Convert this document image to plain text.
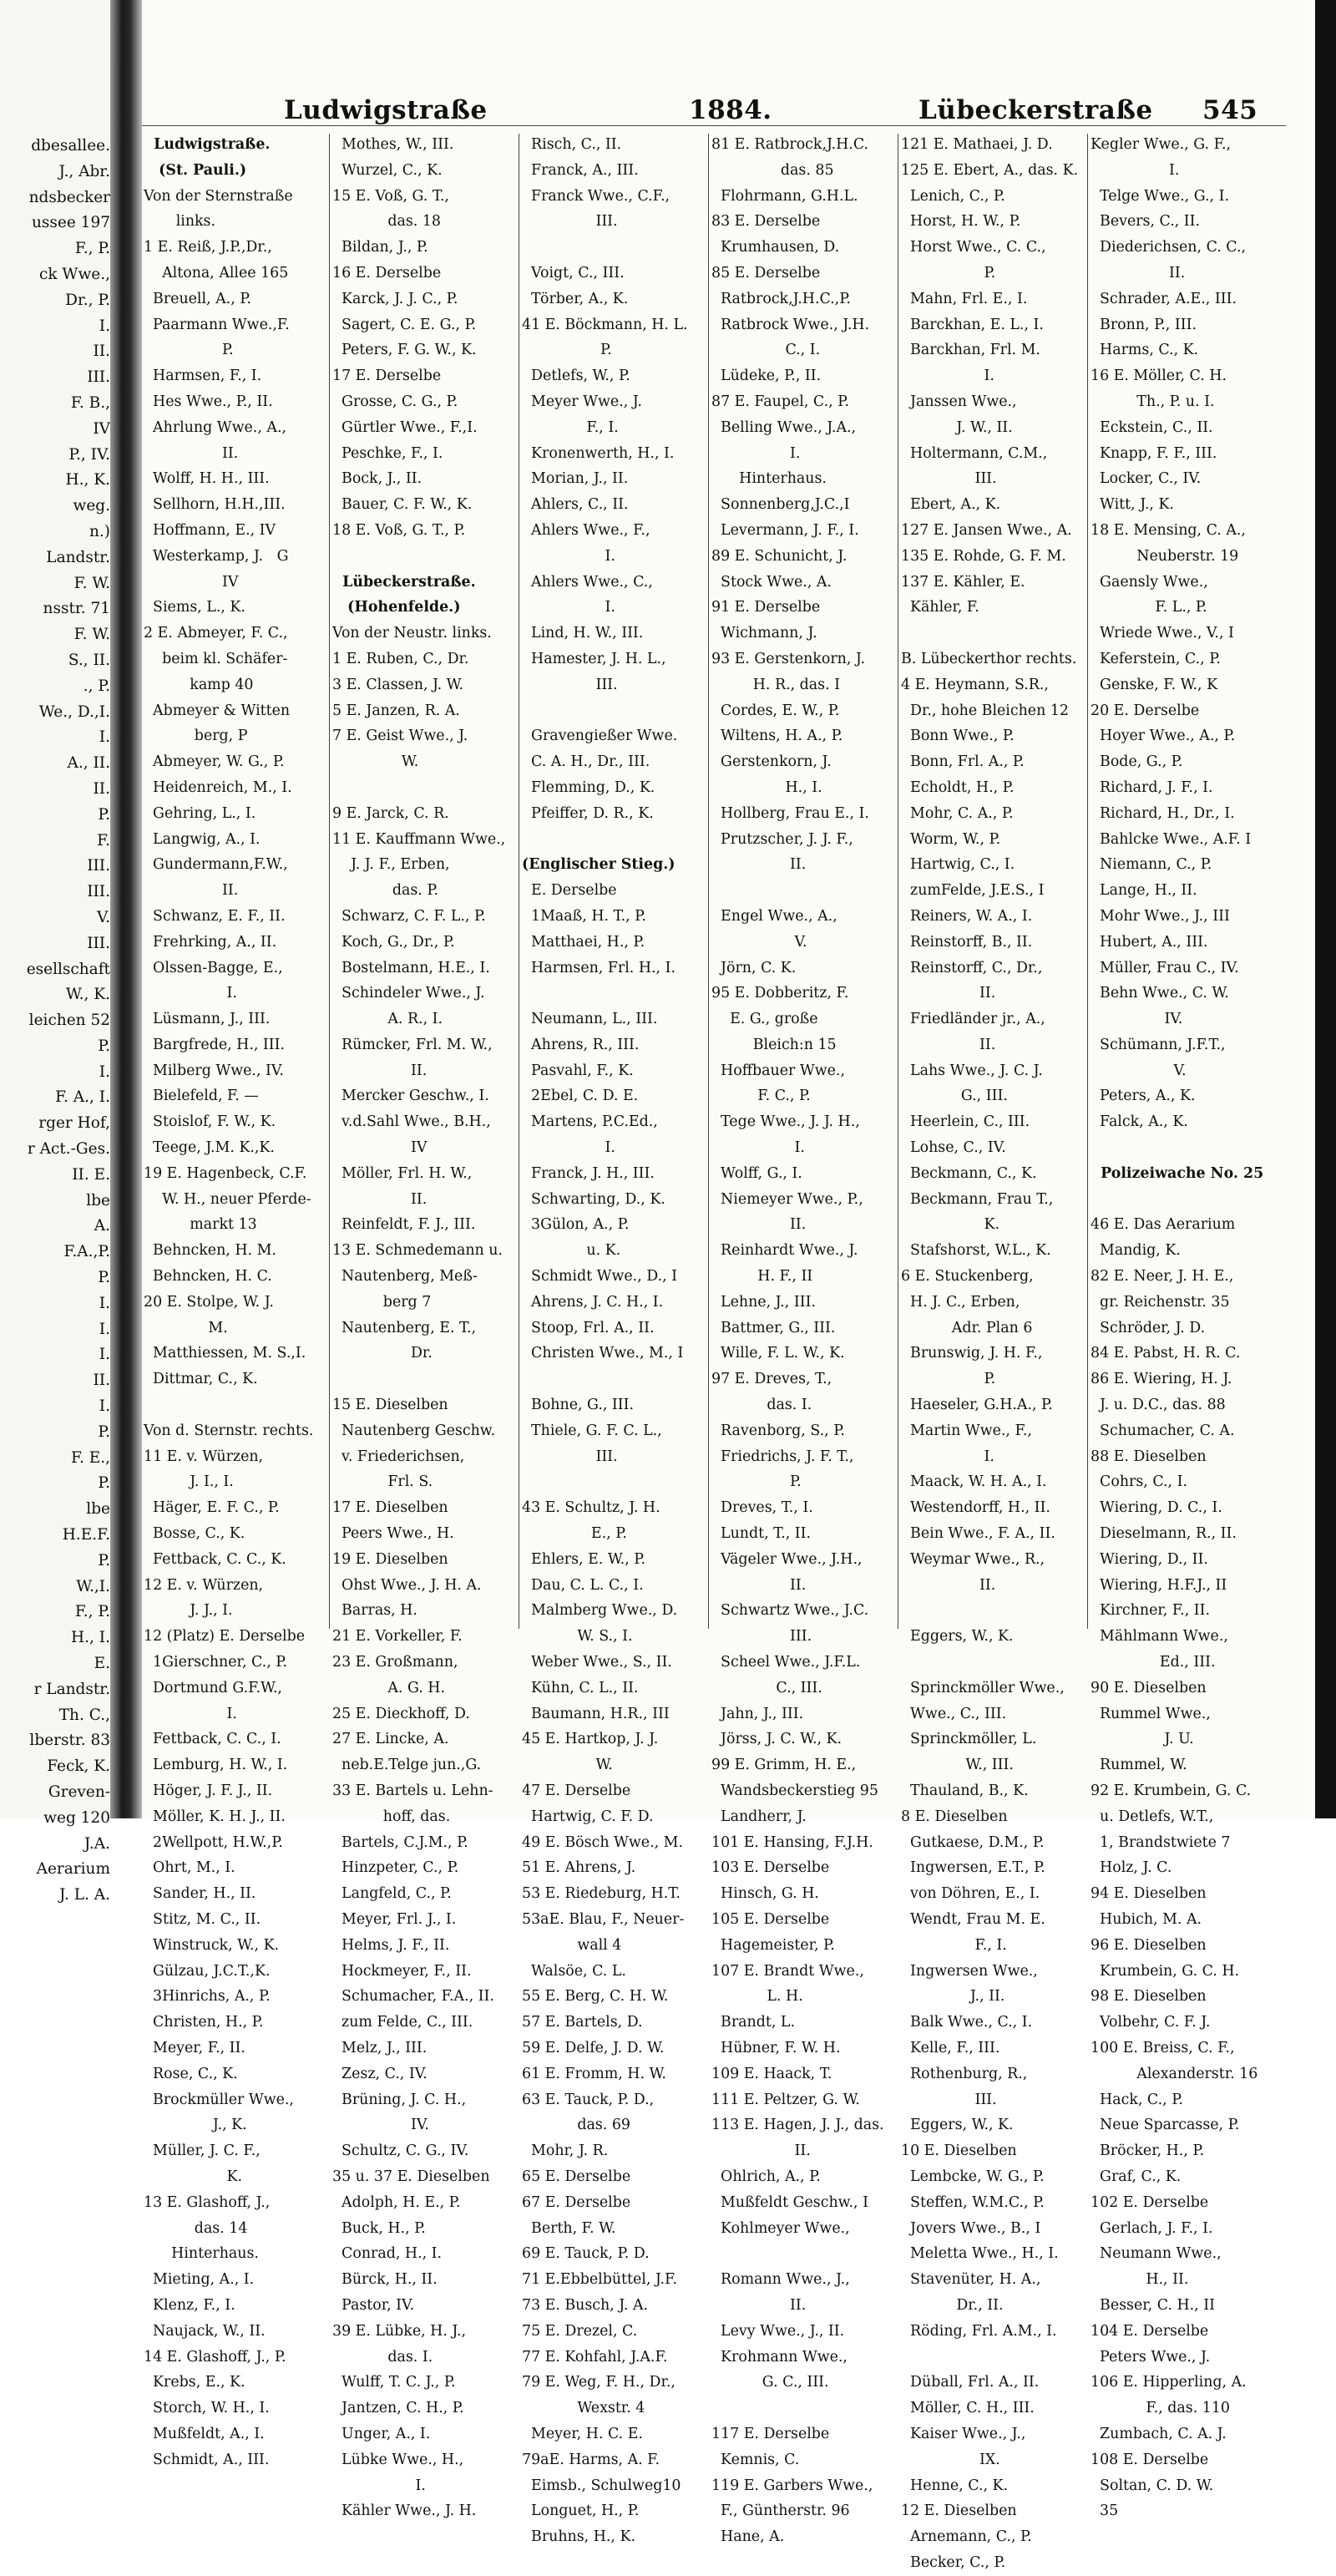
dbesallee.
J., Abr.
ndsbecker
ussee 197
F., P.
ck Wwe.,
Dr., P.
I.
II.
III.
F. B.,
IV
P., IV.
H., K.
weg.
n.)
Landstr.
F. W.
nsstr. 71
F. W.
S., II.
., P.
We., D.,I.
I.
A., II.
II.
P.
F.
III.
III.
V.
III.
esellschaft
W., K.
leichen 52
P.
I.
F. A., I.
rger Hof,
r Act.-Ges.
II. E.
lbe
A.
F.A.,P.
P.
I.
I.
I.
II.
I.
P.
F. E.,
P.
lbe
H.E.F.
P.
W.,I.
F., P.
H., I.
E.
r Landstr.
Th. C.,
lberstr. 83
Feck, K.
Greven-
weg 120
J.A.
Aerarium
J. L. A.
Ludwigstraße	1884.	Lübeckerstraße 545
Ludwigstraße.
(St. Pauli.)
Von der Sternstraße
links.
1 E. Reiß, J.P.,Dr.,
Altona, Allee 165
Breuell, A., P.
Paarmann Wwe.,F.
P.
Harmsen, F., I.
Hes Wwe., P., II.
Ahrlung Wwe., A.,
II.
Wolff, H. H., III.
Sellhorn, H.H.,III.
Hoffmann, E., IV
Westerkamp, J.   G
IV
Siems, L., K.
2 E. Abmeyer, F. C.,
beim kl. Schäfer-
kamp 40
Abmeyer & Witten
berg, P
Abmeyer, W. G., P.
Heidenreich, M., I.
Gehring, L., I.
Langwig, A., I.
Gundermann,F.W.,
II.
Schwanz, E. F., II.
Frehrking, A., II.
Olssen-Bagge, E.,
I.
Lüsmann, J., III.
Bargfrede, H., III.
Milberg Wwe., IV.
Bielefeld, F. —
Stoislof, F. W., K.
Teege, J.M. K.,K.
19 E. Hagenbeck, C.F.
W. H., neuer Pferde-
markt 13
Behncken, H. M.
Behncken, H. C.
20 E. Stolpe, W. J.
M.
Matthiessen, M. S.,I.
Dittmar, C., K.
Von d. Sternstr. rechts.
11 E. v. Würzen,
J. I., I.
Häger, E. F. C., P.
Bosse, C., K.
Fettback, C. C., K.
12 E. v. Würzen,
J. J., I.
12 (Platz) E. Derselbe
1Gierschner, C., P.
Dortmund G.F.W.,
I.
Fettback, C. C., I.
Lemburg, H. W., I.
Höger, J. F. J., II.
Möller, K. H. J., II.
2Wellpott, H.W.,P.
Ohrt, M., I.
Sander, H., II.
Stitz, M. C., II.
Winstruck, W., K.
Gülzau, J.C.T.,K.
3Hinrichs, A., P.
Christen, H., P.
Meyer, F., II.
Rose, C., K.
Brockmüller Wwe.,
J., K.
Müller, J. C. F.,
K.
13 E. Glashoff, J.,
das. 14
Hinterhaus.
Mieting, A., I.
Klenz, F., I.
Naujack, W., II.
14 E. Glashoff, J., P.
Krebs, E., K.
Storch, W. H., I.
Mußfeldt, A., I.
Schmidt, A., III.
Mothes, W., III.
Wurzel, C., K.
15 E. Voß, G. T.,
das. 18
Bildan, J., P.
16 E. Derselbe
Karck, J. J. C., P.
Sagert, C. E. G., P.
Peters, F. G. W., K.
17 E. Derselbe
Grosse, C. G., P.
Gürtler Wwe., F.,I.
Peschke, F., I.
Bock, J., II.
Bauer, C. F. W., K.
18 E. Voß, G. T., P.
Lübeckerstraße.
(Hohenfelde.)
Von der Neustr. links.
1 E. Ruben, C., Dr.
3 E. Classen, J. W.
5 E. Janzen, R. A.
7 E. Geist Wwe., J.
W.
9 E. Jarck, C. R.
11 E. Kauffmann Wwe.,
J. J. F., Erben,
das. P.
Schwarz, C. F. L., P.
Koch, G., Dr., P.
Bostelmann, H.E., I.
Schindeler Wwe., J.
A. R., I.
Rümcker, Frl. M. W.,
II.
Mercker Geschw., I.
v.d.Sahl Wwe., B.H.,
IV
Möller, Frl. H. W.,
II.
Reinfeldt, F. J., III.
13 E. Schmedemann u.
Nautenberg, Meß-
berg 7
Nautenberg, E. T.,
Dr.
15 E. Dieselben
Nautenberg Geschw.
v. Friederichsen,
Frl. S.
17 E. Dieselben
Peers Wwe., H.
19 E. Dieselben
Ohst Wwe., J. H. A.
Barras, H.
21 E. Vorkeller, F.
23 E. Großmann,
A. G. H.
25 E. Dieckhoff, D.
27 E. Lincke, A.
neb.E.Telge jun.,G.
33 E. Bartels u. Lehn-
hoff, das.
Bartels, C.J.M., P.
Hinzpeter, C., P.
Langfeld, C., P.
Meyer, Frl. J., I.
Helms, J. F., II.
Hockmeyer, F., II.
Schumacher, F.A., II.
zum Felde, C., III.
Melz, J., III.
Zesz, C., IV.
Brüning, J. C. H.,
IV.
Schultz, C. G., IV.
35 u. 37 E. Dieselben
Adolph, H. E., P.
Buck, H., P.
Conrad, H., I.
Bürck, H., II.
Pastor, IV.
39 E. Lübke, H. J.,
das. I.
Wulff, T. C. J., P.
Jantzen, C. H., P.
Unger, A., I.
Lübke Wwe., H.,
I.
Kähler Wwe., J. H.
Risch, C., II.
Franck, A., III.
Franck Wwe., C.F.,
III.
Voigt, C., III.
Törber, A., K.
41 E. Böckmann, H. L.
P.
Detlefs, W., P.
Meyer Wwe., J.
F., I.
Kronenwerth, H., I.
Morian, J., II.
Ahlers, C., II.
Ahlers Wwe., F.,
I.
Ahlers Wwe., C.,
I.
Lind, H. W., III.
Hamester, J. H. L.,
III.
Gravengießer Wwe.
C. A. H., Dr., III.
Flemming, D., K.
Pfeiffer, D. R., K.
(Englischer Stieg.)
E. Derselbe
1Maaß, H. T., P.
Matthaei, H., P.
Harmsen, Frl. H., I.
Neumann, L., III.
Ahrens, R., III.
Pasvahl, F., K.
2Ebel, C. D. E.
Martens, P.C.Ed.,
I.
Franck, J. H., III.
Schwarting, D., K.
3Gülon, A., P.
u. K.
Schmidt Wwe., D., I
Ahrens, J. C. H., I.
Stoop, Frl. A., II.
Christen Wwe., M., I
Bohne, G., III.
Thiele, G. F. C. L.,
III.
43 E. Schultz, J. H.
E., P.
Ehlers, E. W., P.
Dau, C. L. C., I.
Malmberg Wwe., D.
W. S., I.
Weber Wwe., S., II.
Kühn, C. L., II.
Baumann, H.R., III
45 E. Hartkop, J. J.
W.
47 E. Derselbe
Hartwig, C. F. D.
49 E. Bösch Wwe., M.
51 E. Ahrens, J.
53 E. Riedeburg, H.T.
53aE. Blau, F., Neuer-
wall 4
Walsöe, C. L.
55 E. Berg, C. H. W.
57 E. Bartels, D.
59 E. Delfe, J. D. W.
61 E. Fromm, H. W.
63 E. Tauck, P. D.,
das. 69
Mohr, J. R.
65 E. Derselbe
67 E. Derselbe
Berth, F. W.
69 E. Tauck, P. D.
71 E.Ebbelbüttel, J.F.
73 E. Busch, J. A.
75 E. Drezel, C.
77 E. Kohfahl, J.A.F.
79 E. Weg, F. H., Dr.,
Wexstr. 4
Meyer, H. C. E.
79aE. Harms, A. F.
Eimsb., Schulweg10
Longuet, H., P.
Bruhns, H., K.
81 E. Ratbrock,J.H.C.
das. 85
Flohrmann, G.H.L.
83 E. Derselbe
Krumhausen, D.
85 E. Derselbe
Ratbrock,J.H.C.,P.
Ratbrock Wwe., J.H.
C., I.
Lüdeke, P., II.
87 E. Faupel, C., P.
Belling Wwe., J.A.,
I.
Hinterhaus.
Sonnenberg,J.C.,I
Levermann, J. F., I.
89 E. Schunicht, J.
Stock Wwe., A.
91 E. Derselbe
Wichmann, J.
93 E. Gerstenkorn, J.
H. R., das. I
Cordes, E. W., P.
Wiltens, H. A., P.
Gerstenkorn, J.
H., I.
Hollberg, Frau E., I.
Prutzscher, J. J. F.,
II.
Engel Wwe., A.,
V.
Jörn, C. K.
95 E. Dobberitz, F.
E. G., große
Bleich:n 15
Hoffbauer Wwe.,
F. C., P.
Tege Wwe., J. J. H.,
I.
Wolff, G., I.
Niemeyer Wwe., P.,
II.
Reinhardt Wwe., J.
H. F., II
Lehne, J., III.
Battmer, G., III.
Wille, F. L. W., K.
97 E. Dreves, T.,
das. I.
Ravenborg, S., P.
Friedrichs, J. F. T.,
P.
Dreves, T., I.
Lundt, T., II.
Vägeler Wwe., J.H.,
II.
Schwartz Wwe., J.C.
III.
Scheel Wwe., J.F.L.
C., III.
Jahn, J., III.
Jörss, J. C. W., K.
99 E. Grimm, H. E.,
Wandsbeckerstieg 95
Landherr, J.
101 E. Hansing, F.J.H.
103 E. Derselbe
Hinsch, G. H.
105 E. Derselbe
Hagemeister, P.
107 E. Brandt Wwe.,
L. H.
Brandt, L.
Hübner, F. W. H.
109 E. Haack, T.
111 E. Peltzer, G. W.
113 E. Hagen, J. J., das.
II.
Ohlrich, A., P.
Mußfeldt Geschw., I
Kohlmeyer Wwe.,
Romann Wwe., J.,
II.
Levy Wwe., J., II.
Krohmann Wwe.,
G. C., III.
117 E. Derselbe
Kemnis, C.
119 E. Garbers Wwe.,
F., Güntherstr. 96
Hane, A.
121 E. Mathaei, J. D.
125 E. Ebert, A., das. K.
Lenich, C., P.
Horst, H. W., P.
Horst Wwe., C. C.,
P.
Mahn, Frl. E., I.
Barckhan, E. L., I.
Barckhan, Frl. M.
I.
Janssen Wwe.,
J. W., II.
Holtermann, C.M.,
III.
Ebert, A., K.
127 E. Jansen Wwe., A.
135 E. Rohde, G. F. M.
137 E. Kähler, E.
Kähler, F.
B. Lübeckerthor rechts.
4 E. Heymann, S.R.,
Dr., hohe Bleichen 12
Bonn Wwe., P.
Bonn, Frl. A., P.
Echoldt, H., P.
Mohr, C. A., P.
Worm, W., P.
Hartwig, C., I.
zumFelde, J.E.S., I
Reiners, W. A., I.
Reinstorff, B., II.
Reinstorff, C., Dr.,
II.
Friedländer jr., A.,
II.
Lahs Wwe., J. C. J.
G., III.
Heerlein, C., III.
Lohse, C., IV.
Beckmann, C., K.
Beckmann, Frau T.,
K.
Stafshorst, W.L., K.
6 E. Stuckenberg,
H. J. C., Erben,
Adr. Plan 6
Brunswig, J. H. F.,
P.
Haeseler, G.H.A., P.
Martin Wwe., F.,
I.
Maack, W. H. A., I.
Westendorff, H., II.
Bein Wwe., F. A., II.
Weymar Wwe., R.,
II.
Eggers, W., K.
Sprinckmöller Wwe.,
Wwe., C., III.
Sprinckmöller, L.
W., III.
Thauland, B., K.
8 E. Dieselben
Gutkaese, D.M., P.
Ingwersen, E.T., P.
von Döhren, E., I.
Wendt, Frau M. E.
F., I.
Ingwersen Wwe.,
J., II.
Balk Wwe., C., I.
Kelle, F., III.
Rothenburg, R.,
III.
Eggers, W., K.
10 E. Dieselben
Lembcke, W. G., P.
Steffen, W.M.C., P.
Jovers Wwe., B., I
Meletta Wwe., H., I.
Stavenüter, H. A.,
Dr., II.
Röding, Frl. A.M., I.
Düball, Frl. A., II.
Möller, C. H., III.
Kaiser Wwe., J.,
IX.
Henne, C., K.
12 E. Dieselben
Arnemann, C., P.
Becker, C., P.
Kegler Wwe., G. F.,
I.
Telge Wwe., G., I.
Bevers, C., II.
Diederichsen, C. C.,
II.
Schrader, A.E., III.
Bronn, P., III.
Harms, C., K.
16 E. Möller, C. H.
Th., P. u. I.
Eckstein, C., II.
Knapp, F. F., III.
Locker, C., IV.
Witt, J., K.
18 E. Mensing, C. A.,
Neuberstr. 19
Gaensly Wwe.,
F. L., P.
Wriede Wwe., V., I
Keferstein, C., P.
Genske, F. W., K
20 E. Derselbe
Hoyer Wwe., A., P.
Bode, G., P.
Richard, J. F., I.
Richard, H., Dr., I.
Bahlcke Wwe., A.F. I
Niemann, C., P.
Lange, H., II.
Mohr Wwe., J., III
Hubert, A., III.
Müller, Frau C., IV.
Behn Wwe., C. W.
IV.
Schümann, J.F.T.,
V.
Peters, A., K.
Falck, A., K.
Polizeiwache No. 25
46 E. Das Aerarium
Mandig, K.
82 E. Neer, J. H. E.,
gr. Reichenstr. 35
Schröder, J. D.
84 E. Pabst, H. R. C.
86 E. Wiering, H. J.
J. u. D.C., das. 88
Schumacher, C. A.
88 E. Dieselben
Cohrs, C., I.
Wiering, D. C., I.
Dieselmann, R., II.
Wiering, D., II.
Wiering, H.F.J., II
Kirchner, F., II.
Mählmann Wwe.,
Ed., III.
90 E. Dieselben
Rummel Wwe.,
J. U.
Rummel, W.
92 E. Krumbein, G. C.
u. Detlefs, W.T.,
1, Brandstwiete 7
Holz, J. C.
94 E. Dieselben
Hubich, M. A.
96 E. Dieselben
Krumbein, G. C. H.
98 E. Dieselben
Volbehr, C. F. J.
100 E. Breiss, C. F.,
Alexanderstr. 16
Hack, C., P.
Neue Sparcasse, P.
Bröcker, H., P.
Graf, C., K.
102 E. Derselbe
Gerlach, J. F., I.
Neumann Wwe.,
H., II.
Besser, C. H., II
104 E. Derselbe
Peters Wwe., J.
106 E. Hipperling, A.
F., das. 110
Zumbach, C. A. J.
108 E. Derselbe
Soltan, C. D. W.
35
